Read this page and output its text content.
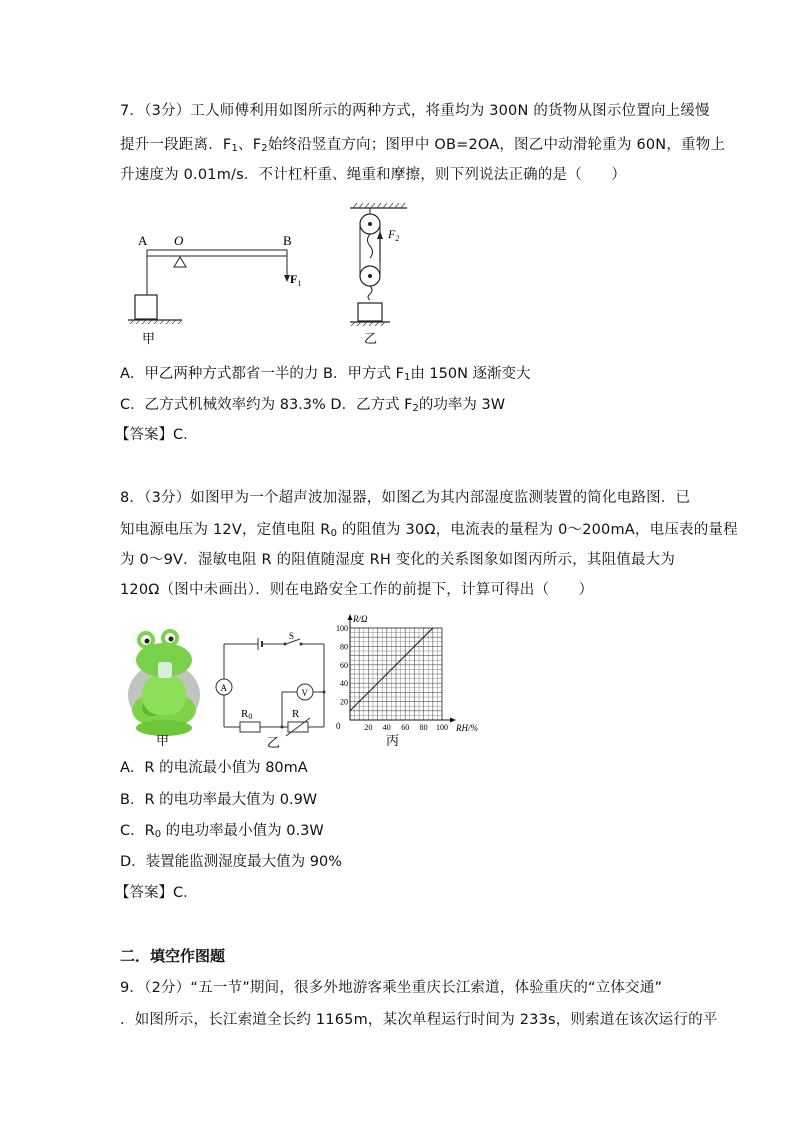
7．（3分）工人师傅利用如图所示的两种方式，将重均为 300N 的货物从图示位置向上缓慢
提升一段距离．$F_1$、$F_2$始终沿竖直方向；图甲中 OB=2OA，图乙中动滑轮重为 60N，重物上
升速度为 0.01m/s．不计杠杆重、绳重和摩擦，则下列说法正确的是（　　）
A O	B
$F_1$
甲
$F_2$
乙
A．甲乙两种方式都省一半的力 B．甲方式 $F_1$由 150N 逐渐变大
C．乙方式机械效率约为 83.3% D．乙方式 $F_2$的功率为 3W
【答案】C．
8．（3分）如图甲为一个超声波加湿器，如图乙为其内部湿度监测装置的简化电路图．已
知电源电压为 12V，定值电阻 $R_0$ 的阻值为 30Ω，电流表的量程为 0～200mA，电压表的量程
为 0～9V．湿敏电阻 R 的阻值随湿度 RH 变化的关系图象如图丙所示，其阻值最大为
120Ω（图中未画出）．则在电路安全工作的前提下，计算可得出（　　）
甲
S
A
R0	R
V
乙
R/Ω
RH/%
0
丙
20
40
60
80
100
20 40 60 80 100
A．R 的电流最小值为 80mA
B．R 的电功率最大值为 0.9W
C．$R_0$ 的电功率最小值为 0.3W
D．装置能监测湿度最大值为 90%
【答案】C．
二．填空作图题
9．（2分）“五一节”期间，很多外地游客乘坐重庆长江索道，体验重庆的“立体交通”
．如图所示，长江索道全长约 1165m，某次单程运行时间为 233s，则索道在该次运行的平
